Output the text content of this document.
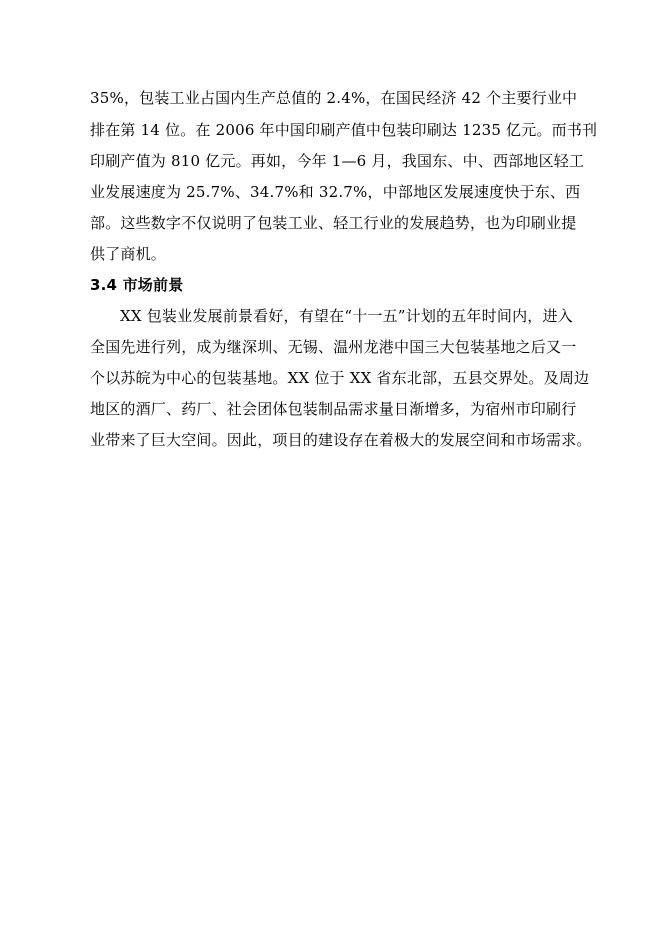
35%，包装工业占国内生产总值的 2.4%，在国民经济 42 个主要行业中
排在第 14 位。在 2006 年中国印刷产值中包装印刷达 1235 亿元。而书刊
印刷产值为 810 亿元。再如，今年 1—6 月，我国东、中、西部地区轻工
业发展速度为 25.7%、34.7%和 32.7%，中部地区发展速度快于东、西
部。这些数字不仅说明了包装工业、轻工行业的发展趋势，也为印刷业提
供了商机。
3.4 市场前景
XX 包装业发展前景看好，有望在“十一五”计划的五年时间内，进入
全国先进行列，成为继深圳、无锡、温州龙港中国三大包装基地之后又一
个以苏皖为中心的包装基地。XX 位于 XX 省东北部，五县交界处。及周边
地区的酒厂、药厂、社会团体包装制品需求量日渐增多，为宿州市印刷行
业带来了巨大空间。因此，项目的建设存在着极大的发展空间和市场需求。
